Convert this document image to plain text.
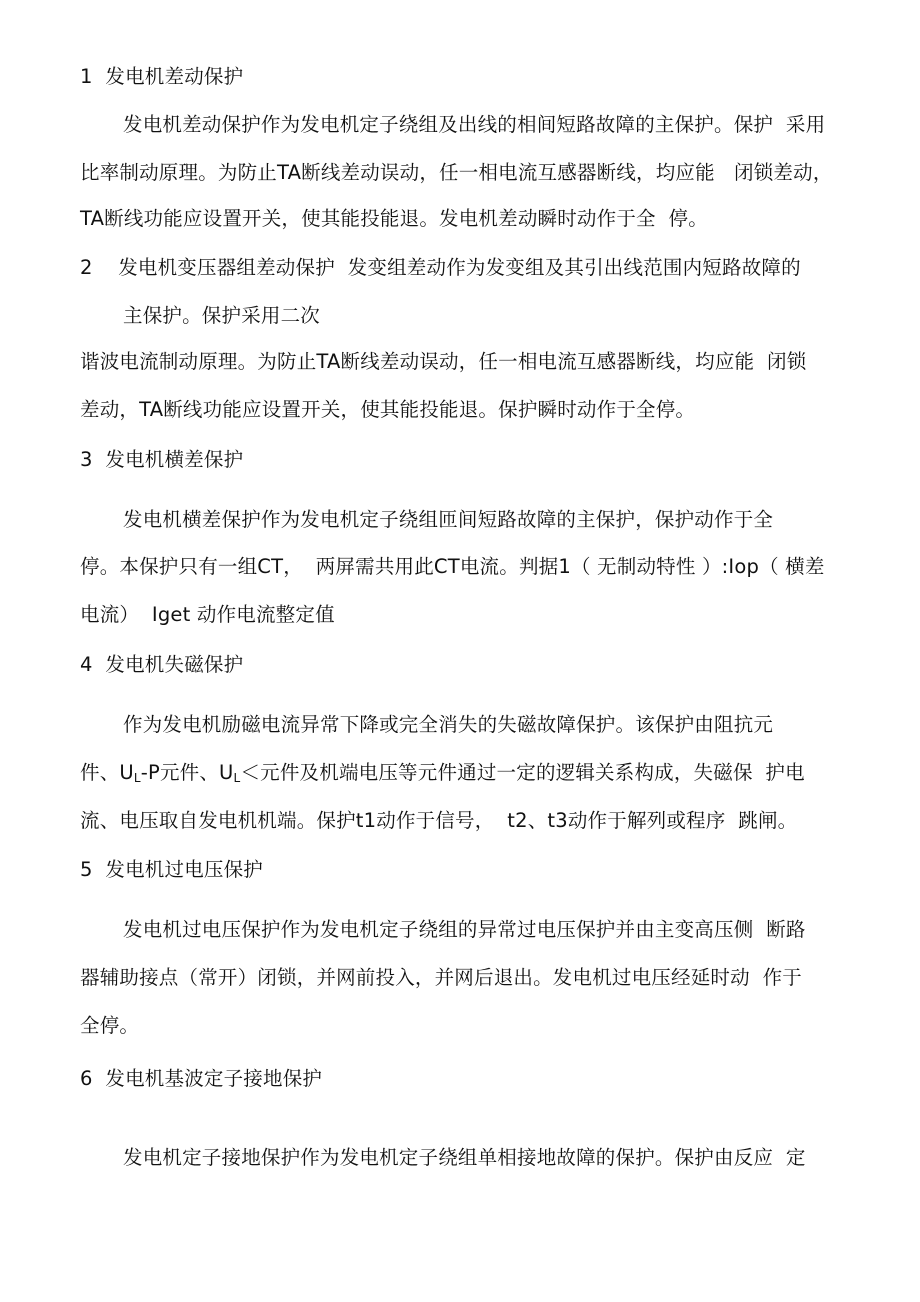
1  发电机差动保护
发电机差动保护作为发电机定子绕组及出线的相间短路故障的主保护。保护  采用
比率制动原理。为防止TA断线差动误动，任一相电流互感器断线，均应能   闭锁差动，
TA断线功能应设置开关，使其能投能退。发电机差动瞬时动作于全  停。
2    发电机变压器组差动保护  发变组差动作为发变组及其引出线范围内短路故障的
主保护。保护采用二次
谐波电流制动原理。为防止TA断线差动误动，任一相电流互感器断线，均应能  闭锁
差动，TA断线功能应设置开关，使其能投能退。保护瞬时动作于全停。
3  发电机横差保护
发电机横差保护作为发电机定子绕组匝间短路故障的主保护，保护动作于全
停。本保护只有一组CT，  两屏需共用此CT电流。判据1（ 无制动特性 ）:Iop（ 横差
电流）  Iget 动作电流整定值
4  发电机失磁保护
作为发电机励磁电流异常下降或完全消失的失磁故障保护。该保护由阻抗元
件、$U_L-P$元件、$U_L<$元件及机端电压等元件通过一定的逻辑关系构成，失磁保  护电
流、电压取自发电机机端。保护t1动作于信号，  t2、t3动作于解列或程序  跳闸。
5  发电机过电压保护
发电机过电压保护作为发电机定子绕组的异常过电压保护并由主变高压侧  断路
器辅助接点（常开）闭锁，并网前投入，并网后退出。发电机过电压经延时动  作于
全停。
6  发电机基波定子接地保护
发电机定子接地保护作为发电机定子绕组单相接地故障的保护。保护由反应  定
